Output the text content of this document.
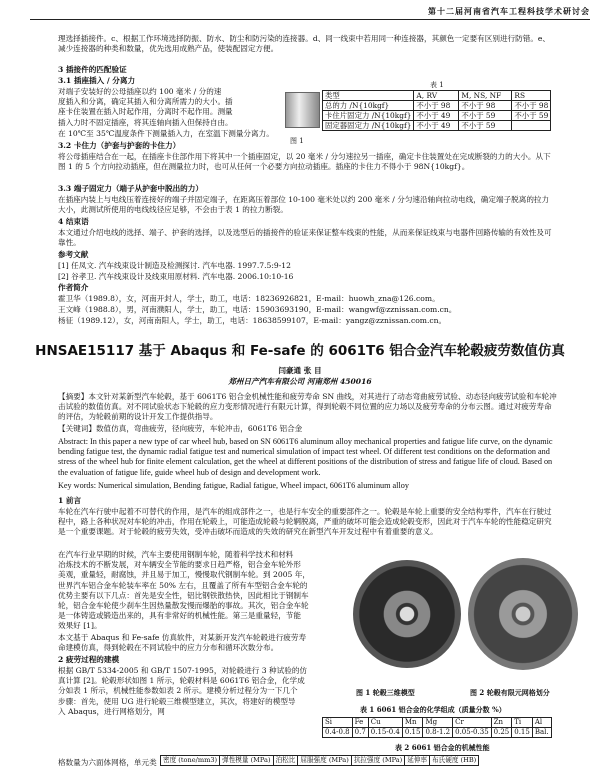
第十二届河南省汽车工程科技学术研讨会

理选择插接件。c、根据工作环境选择防振、防水、防尘和防污染的连接器。d、同一线束中若用同一种连接器，其颜色一定要有区别进行防错。e、减少连接器的种类和数量，优先选用成熟产品，使装配固定方便。

3 插接件的匹配验证

3.1 插座插入 / 分离力

对端子安装好的公母插座以约 100 毫米 / 分的速

度插入和分离，确定其插入和分离所需力的大小。插

座卡住装置在插入时起作用，分离时不起作用。测量

插入力时不固定插座，将其连轴向插入但保持自由。

在 10℃至 35℃温度条件下测量插入力，在室温下测量分离力。

图 1

表 1

类型	A, RV	M, NS, NF	RS
总的力 /N{10kgf}	不小于 98	不小于 98	不小于 98
卡住片固定力 /N{10kgf}	不小于 49	不小于 59	不小于 59
固定器固定力 /N{10kgf}	不小于 49	不小于 59	

3.2 卡住力（护套与护套的卡住力）

将公母插座结合在一起，在插座卡住部作用下将其中一个插座固定，以 20 毫米 / 分匀速拉另一插座，确定卡住装置处在完成断裂的力的大小。从下图 1 的 5 个方向拉动插座，但在测量拉力时，也可从任何一个必要方向拉动插座。插座的卡住力不得小于 98N{10kgf}。

3.3 端子固定力（端子从护套中脱出的力）

在插座内装上与电线压着连接好的端子并固定端子，在距离压着部位 10-100 毫米处以约 200 毫米 / 分匀速沿轴向拉动电线，确定端子脱离的拉力大小，此测试所使用的电线线径应足够，不会由于表 1 的拉力断裂。

4 结束语

本文通过介绍电线的选择、端子、护套的选择，以及选型后的插接件的验证来保证整车线束的性能，从而来保证线束与电器件回路传输的有效性及可靠性。

参考文献

[1] 任凤文. 汽车线束设计制造及检测探讨. 汽车电器. 1997.7.5:9-12

[2] 谷孝卫. 汽车线束设计及线束用原材料. 汽车电器. 2006.10:10-16

作者简介

霍卫华（1989.8），女，河南开封人，学士，助工，电话：18236926821，E-mail：huowh_zna@126.com。

王文峰（1988.8），男，河南濮阳人，学士，助工，电话：15903693190，E-mail：wangwf@zznissan.com.cn。

杨征（1989.12），女，河南南阳人，学士，助工，电话：18638599107，E-mail：yangz@zznissan.com.cn。

HNSAE15117 基于 Abaqus 和 Fe-safe 的 6061T6 铝合金汽车轮毂疲劳数值仿真

闫豪通 张 目

郑州日产汽车有限公司 河南郑州 450016

【摘要】本文针对某新型汽车轮毂，基于 6061T6 铝合金机械性能和疲劳寿命 SN 曲线，对其进行了动态弯曲疲劳试验、动态径向疲劳试验和车轮冲击试验的数值仿真。对不同试验状态下轮毂的应力变形情况进行有限元计算，得到轮毂不同位置的应力场以及疲劳寿命的分布云图。通过对疲劳寿命的评估，为轮毂前期的设计开发工作提供指导。

【关键词】数值仿真，弯曲疲劳，径向疲劳，车轮冲击，6061T6 铝合金

Abstract: In this paper a new type of car wheel hub, based on SN 6061T6 aluminum alloy mechanical properties and fatigue life curve, on the dynamic bending fatigue test, the dynamic radial fatigue test and numerical simulation of impact test wheel. Of different test conditions on the deformation and stress of the wheel hub for finite element calculation, get the wheel at different positions of the distribution of stress and fatigue life of cloud. Based on the evaluation of fatigue life, guide wheel hub of design and development work.

Key words: Numerical simulation, Bending fatigue, Radial fatigue, Wheel impact, 6061T6 aluminum alloy

1 前言

车轮在汽车行驶中起着不可替代的作用，是汽车的组成部件之一，也是行车安全的重要部件之一。轮毂是车轮上重要的安全结构零件，汽车在行驶过程中，路上各种状况对车轮的冲击，作用在轮毂上，可能造成轮毂与轮辋脱离，严重的破坏可能会造成轮毂变形，因此对于汽车车轮的性能稳定研究是一个重要课题。对于轮毂的疲劳失效，受冲击破坏而造成的失效的研究在新型汽车开发过程中有着重要的意义。

在汽车行业早期的时候，汽车主要使用钢制车轮，随着科学技术和材料

冶炼技术的不断发展，对车辆安全节能的要求日趋严格，铝合金车轮外形

美观，重量轻，耐腐蚀，并且易于加工，慢慢取代钢制车轮。到 2005 年，

世界汽车铝合金车轮装车率在 50% 左右，且覆盖了所有车型铝合金车轮的

优势主要有以下几点：首先是安全性，铝比钢铁散热快，因此相比于钢制车

轮，铝合金车轮使少刹车生因热量散发慢而爆胎的事故。其次，铝合金车轮

是一体铸造或锻造出来的，具有非常好的机械性能。第三是重量轻，节能

效果好 [1]。

本文基于 Abaqus 和 Fe-safe 仿真软件，对某新开发汽车轮毂进行疲劳寿

命建模仿真，得到轮毂在不同试验中的应力分布和循环次数分布。

2 疲劳过程的建模

根据 GB/T 5334-2005 和 GB/T 1507-1995，对轮毂进行 3 种试验的仿

真计算 [2]。轮毂形状如图 1 所示，轮毂材料是 6061T6 铝合金，化学成

分如表 1 所示，机械性能参数如表 2 所示。建模分析过程分为一下几个

步骤：首先，使用 UG 进行轮毂三维模型建立，其次，将建好的模型导

入 Abaqus，进行网格划分，网

格数量为六面体网格，单元类

图 1 轮毂三维模型	图 2 轮毂有限元网格划分

表 1 6061 铝合金的化学组成（质量分数 %）

Si	Fe	Cu	Mn	Mg	Cr	Zn	Ti	Al
0.4-0.8	0.7	0.15-0.4	0.15	0.8-1.2	0.05-0.35	0.25	0.15	Bal.

表 2 6061 铝合金的机械性能

密度 (tone/mm3)	弹性模量 (MPa)	泊松比	屈服强度 (MPa)	抗拉强度 (MPa)	延伸率	布氏硬度 (HB)
